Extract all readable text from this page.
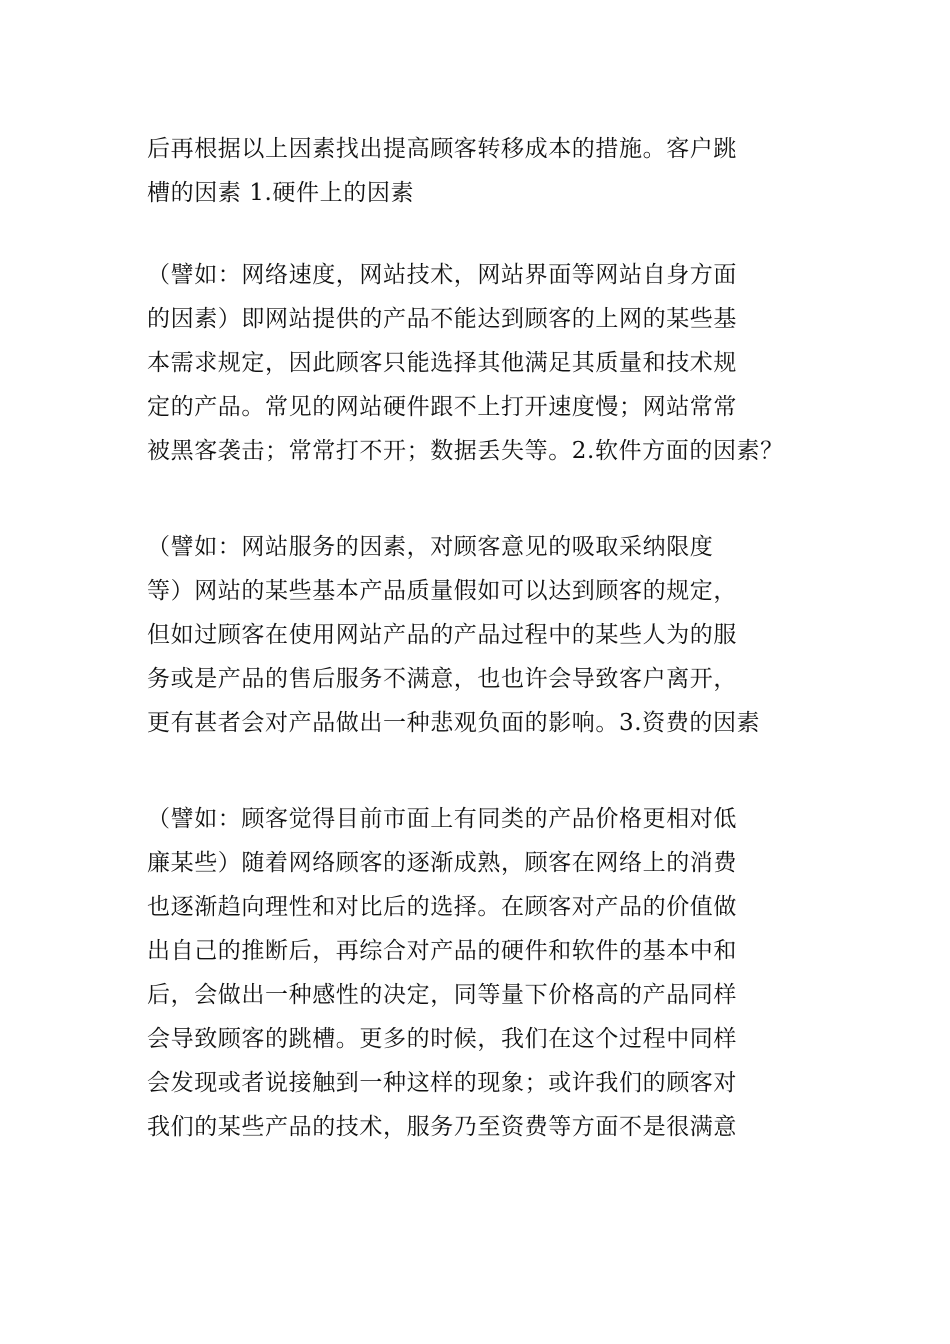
后再根据以上因素找出提高顾客转移成本的措施。客户跳
槽的因素 1.硬件上的因素
（譬如：网络速度，网站技术，网站界面等网站自身方面
的因素）即网站提供的产品不能达到顾客的上网的某些基
本需求规定，因此顾客只能选择其他满足其质量和技术规
定的产品。常见的网站硬件跟不上打开速度慢；网站常常
被黑客袭击；常常打不开；数据丢失等。2.软件方面的因素？
（譬如：网站服务的因素，对顾客意见的吸取采纳限度
等）网站的某些基本产品质量假如可以达到顾客的规定，
但如过顾客在使用网站产品的产品过程中的某些人为的服
务或是产品的售后服务不满意，也也许会导致客户离开，
更有甚者会对产品做出一种悲观负面的影响。3.资费的因素
（譬如：顾客觉得目前市面上有同类的产品价格更相对低
廉某些）随着网络顾客的逐渐成熟，顾客在网络上的消费
也逐渐趋向理性和对比后的选择。在顾客对产品的价值做
出自己的推断后，再综合对产品的硬件和软件的基本中和
后，会做出一种感性的决定，同等量下价格高的产品同样
会导致顾客的跳槽。更多的时候，我们在这个过程中同样
会发现或者说接触到一种这样的现象；或许我们的顾客对
我们的某些产品的技术，服务乃至资费等方面不是很满意
